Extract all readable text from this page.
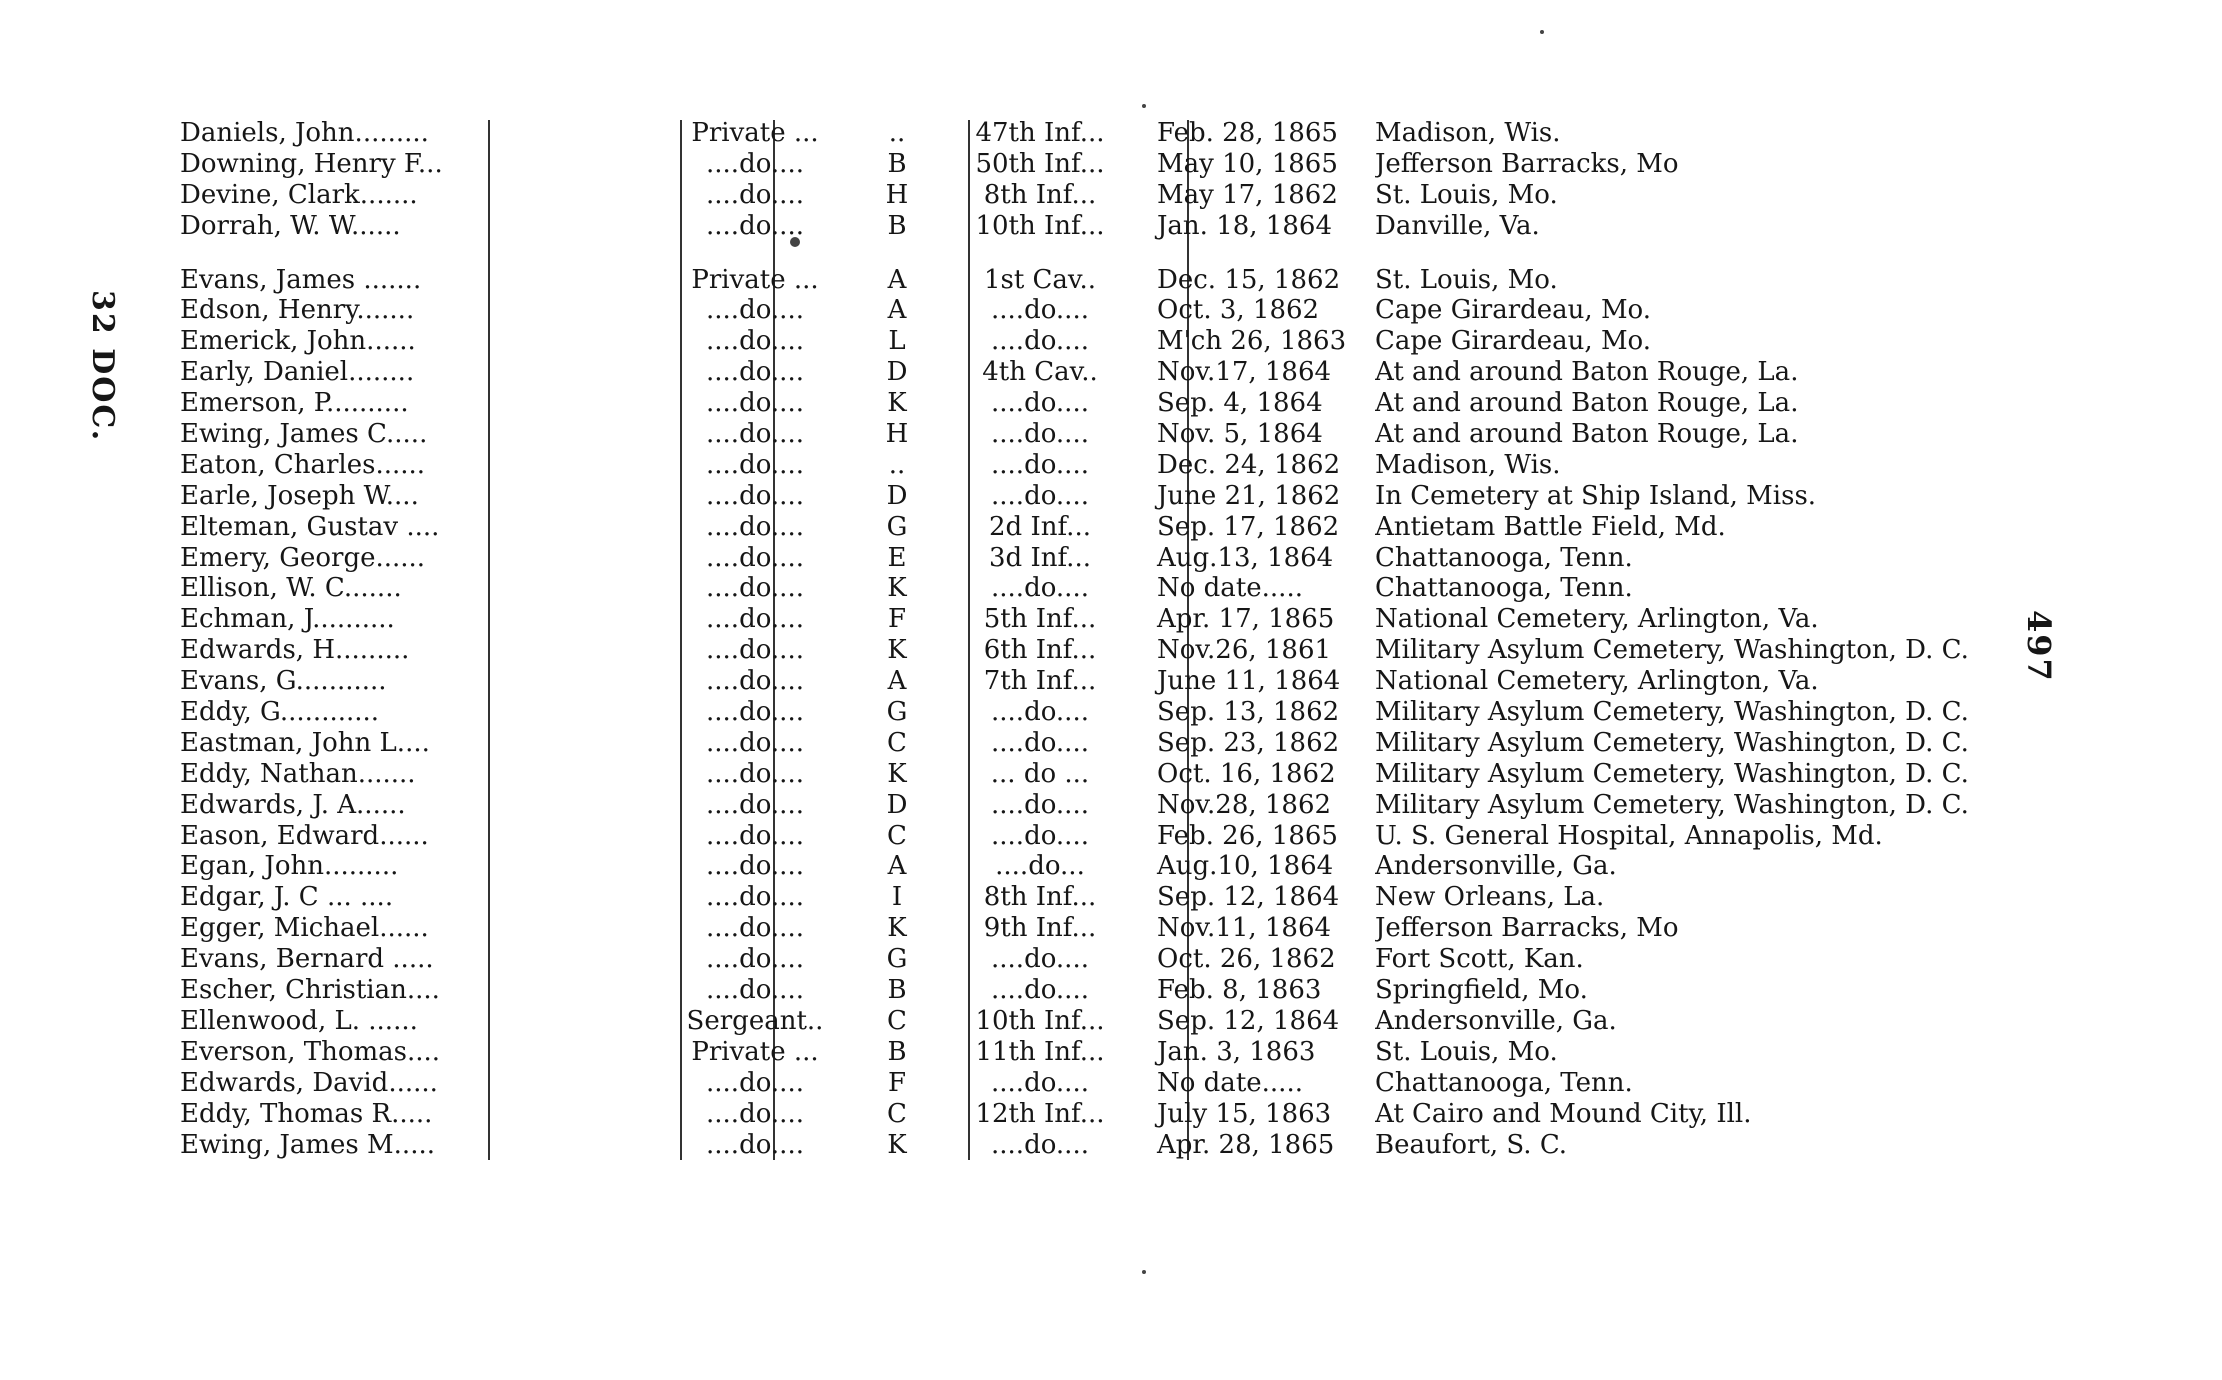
32 DOC.
497
Daniels, John.........	Private ...	..	47th Inf...	Feb. 28, 1865	Madison, Wis.
Downing, Henry F...	....do....	B	50th Inf...	May 10, 1865	Jefferson Barracks, Mo
Devine, Clark.......	....do....	H	8th Inf...	May 17, 1862	St. Louis, Mo.
Dorrah, W. W......	....do....	B	10th Inf...	Jan. 18, 1864	Danville, Va.
Evans, James .......	Private ...	A	1st Cav..	Dec. 15, 1862	St. Louis, Mo.
Edson, Henry.......	....do....	A	....do....	Oct. 3, 1862	Cape Girardeau, Mo.
Emerick, John......	....do....	L	....do....	M'ch 26, 1863	Cape Girardeau, Mo.
Early, Daniel........	....do....	D	4th Cav..	Nov.17, 1864	At and around Baton Rouge, La.
Emerson, P..........	....do....	K	....do....	Sep. 4, 1864	At and around Baton Rouge, La.
Ewing, James C.....	....do....	H	....do....	Nov. 5, 1864	At and around Baton Rouge, La.
Eaton, Charles......	....do....	..	....do....	Dec. 24, 1862	Madison, Wis.
Earle, Joseph W....	....do....	D	....do....	June 21, 1862	In Cemetery at Ship Island, Miss.
Elteman, Gustav ....	....do....	G	2d Inf...	Sep. 17, 1862	Antietam Battle Field, Md.
Emery, George......	....do....	E	3d Inf...	Aug.13, 1864	Chattanooga, Tenn.
Ellison, W. C.......	....do....	K	....do....	No date.....	Chattanooga, Tenn.
Echman, J..........	....do....	F	5th Inf...	Apr. 17, 1865	National Cemetery, Arlington, Va.
Edwards, H.........	....do....	K	6th Inf...	Nov.26, 1861	Military Asylum Cemetery, Washington, D. C.
Evans, G...........	....do....	A	7th Inf...	June 11, 1864	National Cemetery, Arlington, Va.
Eddy, G............	....do....	G	....do....	Sep. 13, 1862	Military Asylum Cemetery, Washington, D. C.
Eastman, John L....	....do....	C	....do....	Sep. 23, 1862	Military Asylum Cemetery, Washington, D. C.
Eddy, Nathan.......	....do....	K	... do ...	Oct. 16, 1862	Military Asylum Cemetery, Washington, D. C.
Edwards, J. A......	....do....	D	....do....	Nov.28, 1862	Military Asylum Cemetery, Washington, D. C.
Eason, Edward......	....do....	C	....do....	Feb. 26, 1865	U. S. General Hospital, Annapolis, Md.
Egan, John.........	....do....	A	....do...	Aug.10, 1864	Andersonville, Ga.
Edgar, J. C ... ....	....do....	I	8th Inf...	Sep. 12, 1864	New Orleans, La.
Egger, Michael......	....do....	K	9th Inf...	Nov.11, 1864	Jefferson Barracks, Mo
Evans, Bernard .....	....do....	G	....do....	Oct. 26, 1862	Fort Scott, Kan.
Escher, Christian....	....do....	B	....do....	Feb. 8, 1863	Springfield, Mo.
Ellenwood, L. ......	Sergeant..	C	10th Inf...	Sep. 12, 1864	Andersonville, Ga.
Everson, Thomas....	Private ...	B	11th Inf...	Jan. 3, 1863	St. Louis, Mo.
Edwards, David......	....do....	F	....do....	No date.....	Chattanooga, Tenn.
Eddy, Thomas R.....	....do....	C	12th Inf...	July 15, 1863	At Cairo and Mound City, Ill.
Ewing, James M.....	....do....	K	....do....	Apr. 28, 1865	Beaufort, S. C.
